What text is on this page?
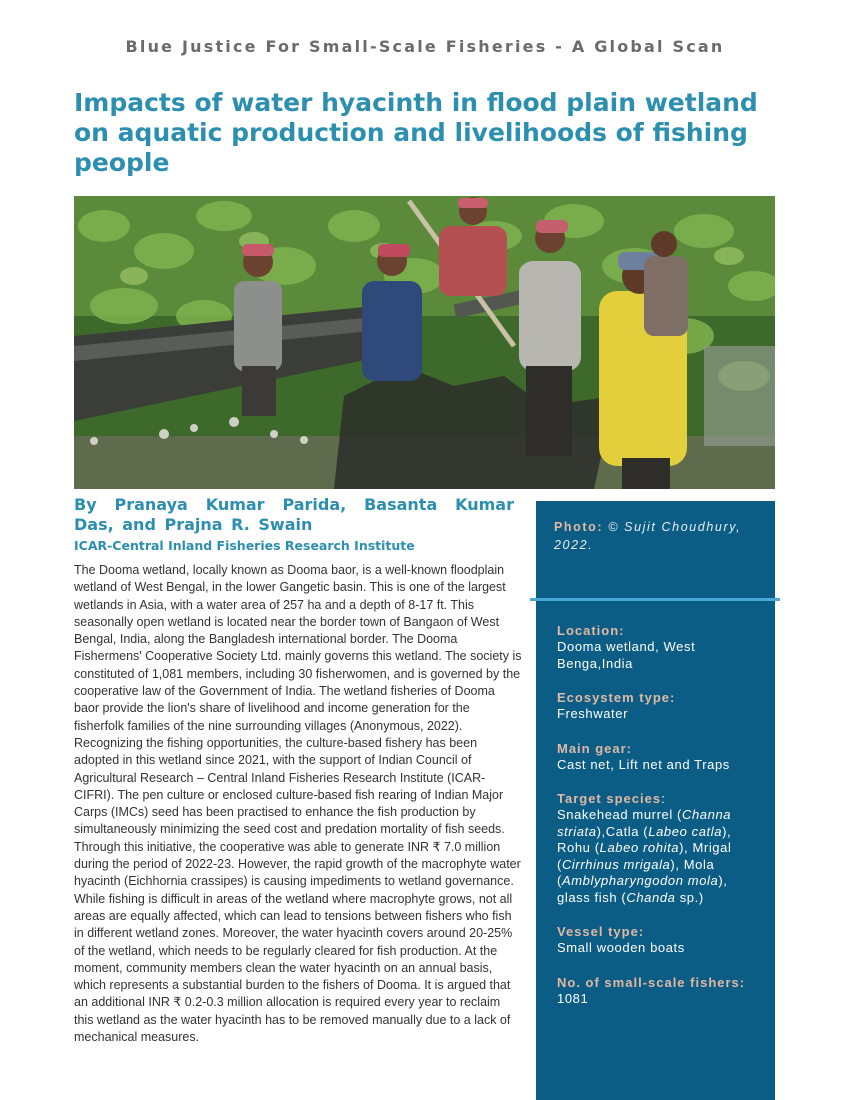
Blue Justice For Small-Scale Fisheries - A Global Scan
Impacts of water hyacinth in flood plain wetland on aquatic production and livelihoods of fishing people
By Pranaya Kumar Parida, Basanta Kumar Das, and Prajna R. Swain
ICAR-Central Inland Fisheries Research Institute

The Dooma wetland, locally known as Dooma baor, is a well-known floodplain wetland of West Bengal, in the lower Gangetic basin. This is one of the largest wetlands in Asia, with a water area of 257 ha and a depth of 8-17 ft. This seasonally open wetland is located near the border town of Bangaon of West Bengal, India, along the Bangladesh international border. The Dooma Fishermens' Cooperative Society Ltd. mainly governs this wetland. The society is constituted of 1,081 members, including 30 fisherwomen, and is governed by the cooperative law of the Government of India. The wetland fisheries of Dooma baor provide the lion's share of livelihood and income generation for the fisherfolk families of the nine surrounding villages (Anonymous, 2022). Recognizing the fishing opportunities, the culture-based fishery has been adopted in this wetland since 2021, with the support of Indian Council of Agricultural Research – Central Inland Fisheries Research Institute (ICAR-CIFRI). The pen culture or enclosed culture-based fish rearing of Indian Major Carps (IMCs) seed has been practised to enhance the fish production by simultaneously minimizing the seed cost and predation mortality of fish seeds. Through this initiative, the cooperative was able to generate INR ₹ 7.0 million during the period of 2022-23. However, the rapid growth of the macrophyte water hyacinth (Eichhornia crassipes) is causing impediments to wetland governance. While fishing is difficult in areas of the wetland where macrophyte grows, not all areas are equally affected, which can lead to tensions between fishers who fish in different wetland zones. Moreover, the water hyacinth covers around 20-25% of the wetland, which needs to be regularly cleared for fish production. At the moment, community members clean the water hyacinth on an annual basis, which represents a substantial burden to the fishers of Dooma. It is argued that an additional INR ₹ 0.2-0.3 million allocation is required every year to reclaim this wetland as the water hyacinth has to be removed manually due to a lack of mechanical measures.

Photo: © Sujit Choudhury, 2022.
Location:
Dooma wetland, West Benga,India
Ecosystem type:
Freshwater
Main gear:
Cast net, Lift net and Traps
Target species:
Snakehead murrel (Channa striata),Catla (Labeo catla), Rohu (Labeo rohita), Mrigal (Cirrhinus mrigala), Mola (Amblypharyngodon mola), glass fish (Chanda sp.)
Vessel type:
Small wooden boats
No. of small-scale fishers:
1081
